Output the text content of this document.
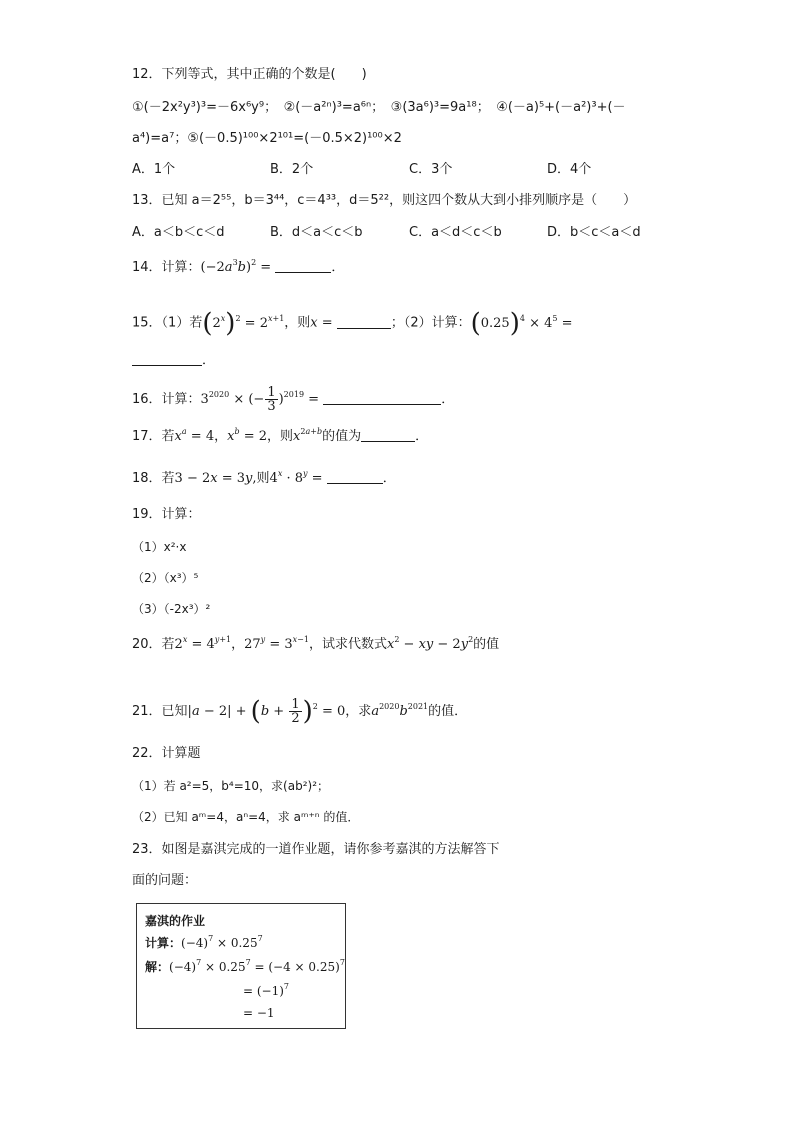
12．下列等式，其中正确的个数是(　　)
①(－2x²y³)³=－6x⁶y⁹；　②(－a²ⁿ)³=a⁶ⁿ；　③(3a⁶)³=9a¹⁸；　④(－a)⁵+(－a²)³+(－
a⁴)=a⁷；⑤(－0.5)¹⁰⁰×2¹⁰¹=(－0.5×2)¹⁰⁰×2
A．1个	B．2个	C．3个	D．4个
13．已知 a＝2⁵⁵，b＝3⁴⁴，c＝4³³，d＝5²²，则这四个数从大到小排列顺序是（　　）
A．a＜b＜c＜d	B．d＜a＜c＜b	C．a＜d＜c＜b	D．b＜c＜a＜d
14．计算：$(-2a^3b)^2$ =	．
15．（1）若$(2^x)^2 = 2^{x+1}$，则x =	；（2）计算：$(0.25)^4 \times 4^5$ =
．
16．计算：$3^{2020}$ × (− $\frac{1}{3} )^{2019}$ =	．
17．若$x^a = 4$，$x^b = 2$，则$x^{2a+b}$的值为	．
18．若3 − 2x = 3y,则$4^x \cdot 8^y$ =	．
19．计算：
（1）x²·x
（2）（x³）⁵
（3）（-2x³）²
20．若$2^x = 4^{y+1}$，$27^y = 3^{x-1}$，试求代数式$x^2$ − xy − $2y^2$的值
21．已知$|a - 2| + (b + \frac{1}{2} )^2 = 0$，求$a^{2020}b^{2021}$的值．
22．计算题
（1）若 a²=5，b⁴=10，求(ab²)²；
（2）已知 aᵐ=4，aⁿ=4，求 aᵐ⁺ⁿ 的值．
23．如图是嘉淇完成的一道作业题，请你参考嘉淇的方法解答下
面的问题：
嘉淇的作业
计算：$(-4)^7 \times 0.25^7$
解：$(-4)^7 \times 0.25^7 = (-4 \times 0.25)^7$
= $(-1)^7$
= −1
